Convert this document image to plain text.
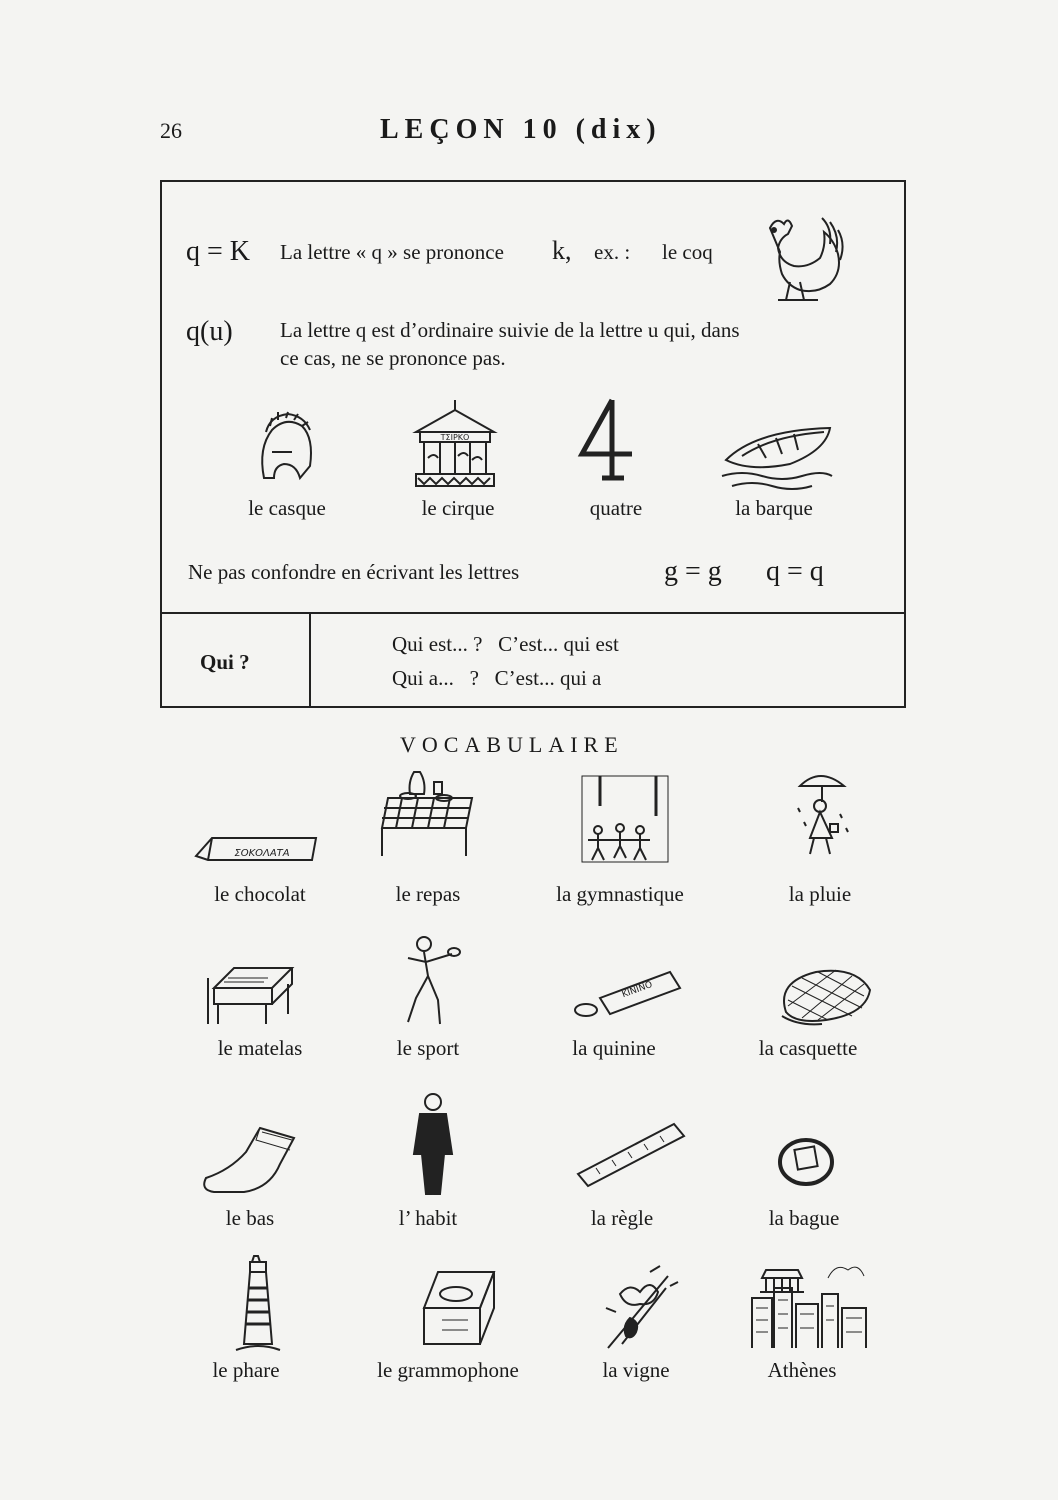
26	LEÇON 10 (dix)
q = K La lettre « q » se prononce k, ex. : le coq
q(u) La lettre q est d’ordinaire suivie de la lettre u qui, dans
ce cas, ne se prononce pas.
ΤΣΙΡΚΟ
le casque	le cirque	quatre	la barque
Ne pas confondre en écrivant les lettres	g = g q = q
Qui ?
Qui est... ?   C’est... qui est
Qui a...   ?   C’est... qui a
VOCABULAIRE
ΣΟΚΟΛΑΤΑ
le chocolat	le repas	la gymnastique	la pluie
KININO
le matelas	le sport	la quinine	la casquette
le bas	l’ habit	la règle	la bague
le phare	le grammophone	la vigne	Athènes
